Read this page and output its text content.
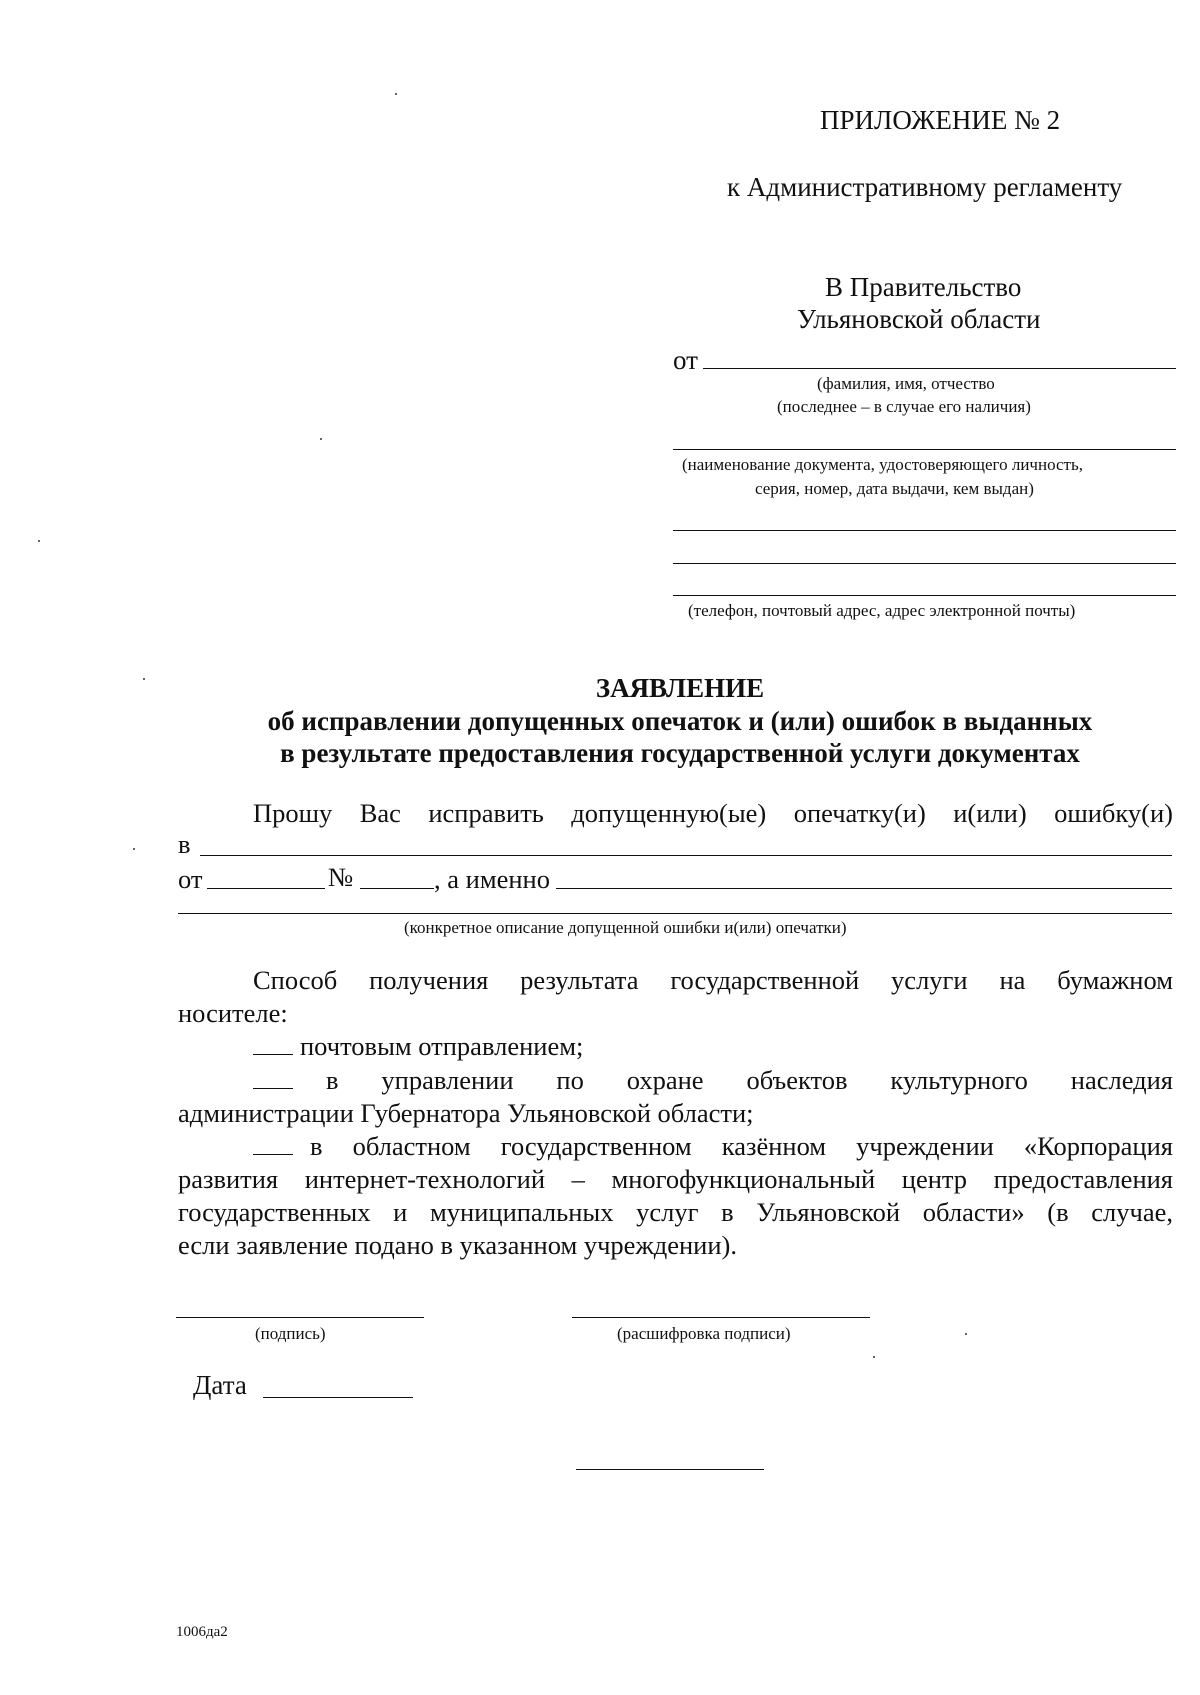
ПРИЛОЖЕНИЕ № 2
к Административному регламенту
В Правительство
Ульяновской области
от
(фамилия, имя, отчество
(последнее – в случае его наличия)
(наименование документа, удостоверяющего личность,
серия, номер, дата выдачи, кем выдан)
(телефон, почтовый адрес, адрес электронной почты)
ЗАЯВЛЕНИЕ
об исправлении допущенных опечаток и (или) ошибок в выданных
в результате предоставления государственной услуги документах
Прошу Вас исправить допущенную(ые) опечатку(и) и(или) ошибку(и)
в
от	№	, а именно
(конкретное описание допущенной ошибки и(или) опечатки)
Способ получения результата государственной услуги на бумажном
носителе:
почтовым отправлением;
в управлении по охране объектов культурного наследия
администрации Губернатора Ульяновской области;
в областном государственном казённом учреждении «Корпорация
развития интернет-технологий – многофункциональный центр предоставления
государственных и муниципальных услуг в Ульяновской области» (в случае,
если заявление подано в указанном учреждении).
(подпись)	(расшифровка подписи)
Дата
1006да2
